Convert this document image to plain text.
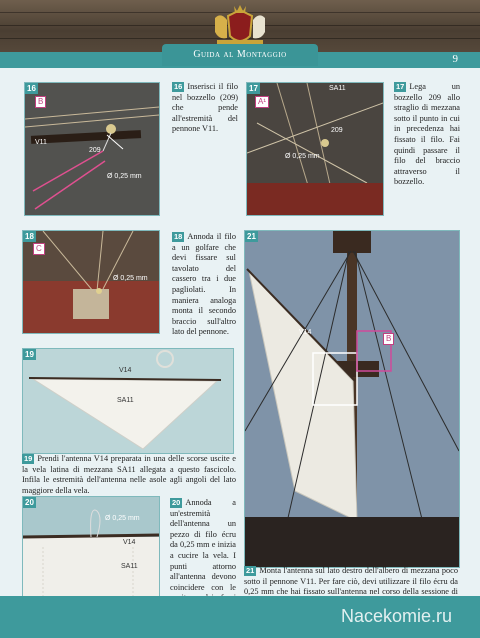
Guida al Montaggio	9
16
B
V11
209
Ø 0,25 mm
16 Inserisci il filo nel bozzello (209) che pende all'estremità del pennone V11.
17
A¹
SA11
209
Ø 0,25 mm
17 Lega un bozzello 209 allo straglio di mezzana sotto il punto in cui in precedenza hai fissato il filo. Fai quindi passare il filo del braccio attraverso il bozzello.
18
C
Ø 0,25 mm
18 Annoda il filo a un golfare che devi fissare sul tavolato del cassero tra i due pagliolati. In maniera analoga monta il secondo braccio sull'altro lato del pennone.
19
V14
SA11
19 Prendi l'antenna V14 preparata in una delle scorse uscite e la vela latina di mezzana SA11 allegata a questo fascicolo. Infila le estremità dell'antenna nelle asole agli angoli del lato maggiore della vela.
20
Ø 0,25 mm
V14
SA11
20 Annoda a un'estremità dell'antenna un pezzo di filo écru da 0,25 mm e inizia a cucire la vela. I punti attorno all'antenna devono coincidere con le
B
V14
21
21 Monta l'antenna sul lato destro dell'albero di mezzana poco sotto il pennone V11. Per fare ciò, devi utilizzare il filo écru da 0,25 mm che hai fissato sull'antenna nel corso della sessione di
Nacekomie.ru
